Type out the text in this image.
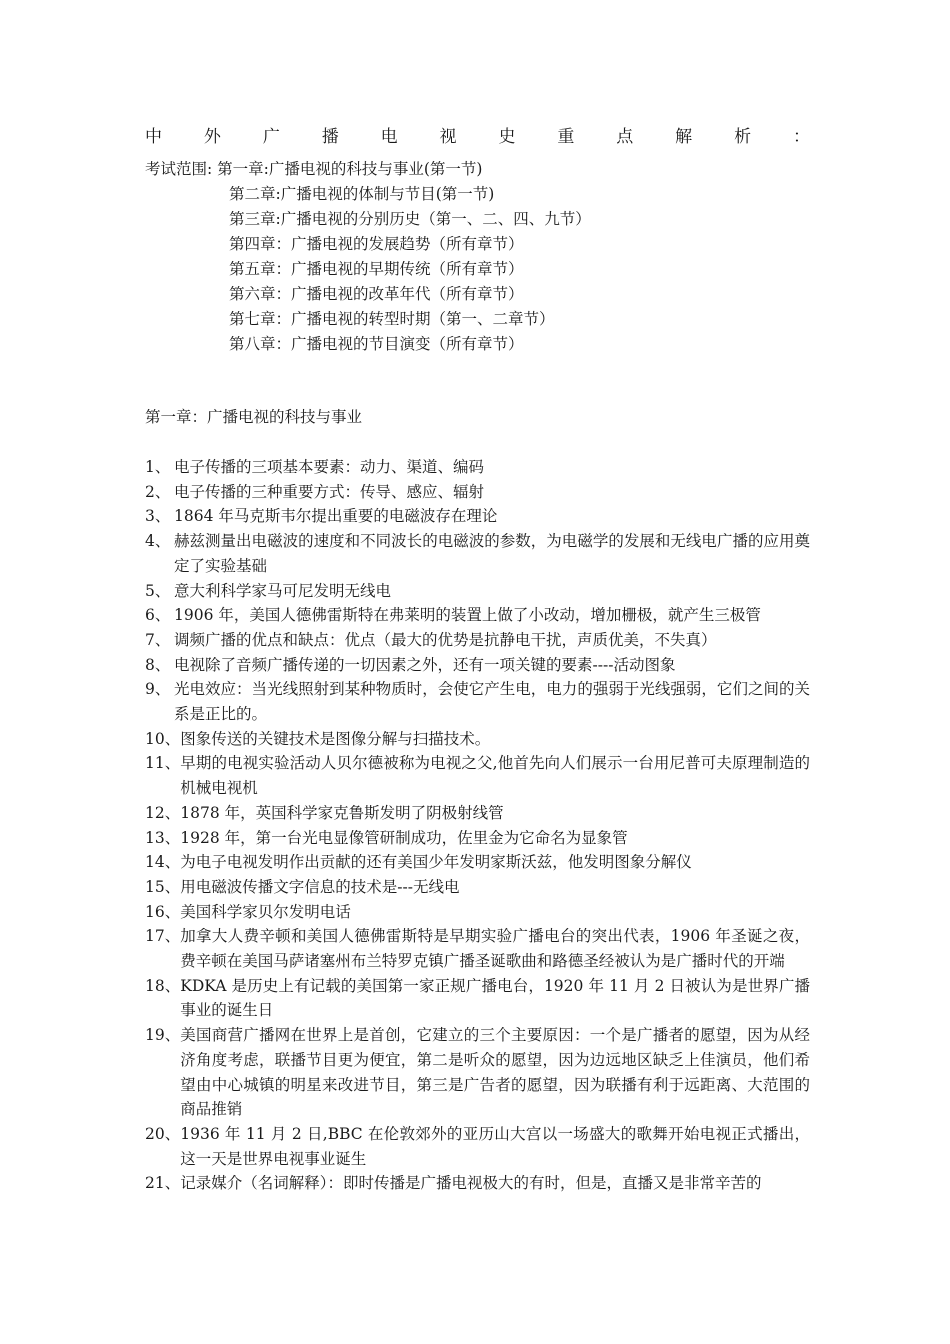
中 外 广 播 电 视 史 重 点 解 析 ：
考试范围: 第一章:广播电视的科技与事业(第一节)
第二章:广播电视的体制与节目(第一节)
第三章:广播电视的分别历史（第一、二、四、九节）
第四章：广播电视的发展趋势（所有章节）
第五章：广播电视的早期传统（所有章节）
第六章：广播电视的改革年代（所有章节）
第七章：广播电视的转型时期（第一、二章节）
第八章：广播电视的节目演变（所有章节）
第一章：广播电视的科技与事业
1、 电子传播的三项基本要素：动力、渠道、编码
2、 电子传播的三种重要方式：传导、感应、辐射
3、 1864 年马克斯韦尔提出重要的电磁波存在理论
4、 赫兹测量出电磁波的速度和不同波长的电磁波的参数，为电磁学的发展和无线电广播的应用奠定了实验基础
5、 意大利科学家马可尼发明无线电
6、 1906 年，美国人德佛雷斯特在弗莱明的装置上做了小改动，增加栅极，就产生三极管
7、 调频广播的优点和缺点：优点（最大的优势是抗静电干扰，声质优美，不失真）
8、 电视除了音频广播传递的一切因素之外，还有一项关键的要素----活动图象
9、 光电效应：当光线照射到某种物质时，会使它产生电，电力的强弱于光线强弱，它们之间的关系是正比的。
10、 图象传送的关键技术是图像分解与扫描技术。
11、 早期的电视实验活动人贝尔德被称为电视之父,他首先向人们展示一台用尼普可夫原理制造的机械电视机
12、 1878 年，英国科学家克鲁斯发明了阴极射线管
13、 1928 年，第一台光电显像管研制成功，佐里金为它命名为显象管
14、 为电子电视发明作出贡献的还有美国少年发明家斯沃兹，他发明图象分解仪
15、 用电磁波传播文字信息的技术是---无线电
16、 美国科学家贝尔发明电话
17、 加拿大人费辛顿和美国人德佛雷斯特是早期实验广播电台的突出代表，1906 年圣诞之夜，费辛顿在美国马萨诸塞州布兰特罗克镇广播圣诞歌曲和路德圣经被认为是广播时代的开端
18、 KDKA 是历史上有记载的美国第一家正规广播电台，1920 年 11 月 2 日被认为是世界广播事业的诞生日
19、 美国商营广播网在世界上是首创，它建立的三个主要原因：一个是广播者的愿望，因为从经济角度考虑，联播节目更为便宜，第二是听众的愿望，因为边远地区缺乏上佳演员，他们希望由中心城镇的明星来改进节目，第三是广告者的愿望，因为联播有利于远距离、大范围的商品推销
20、 1936 年 11 月 2 日,BBC 在伦敦郊外的亚历山大宫以一场盛大的歌舞开始电视正式播出，这一天是世界电视事业诞生
21、 记录媒介（名词解释）：即时传播是广播电视极大的有时，但是，直播又是非常辛苦的
